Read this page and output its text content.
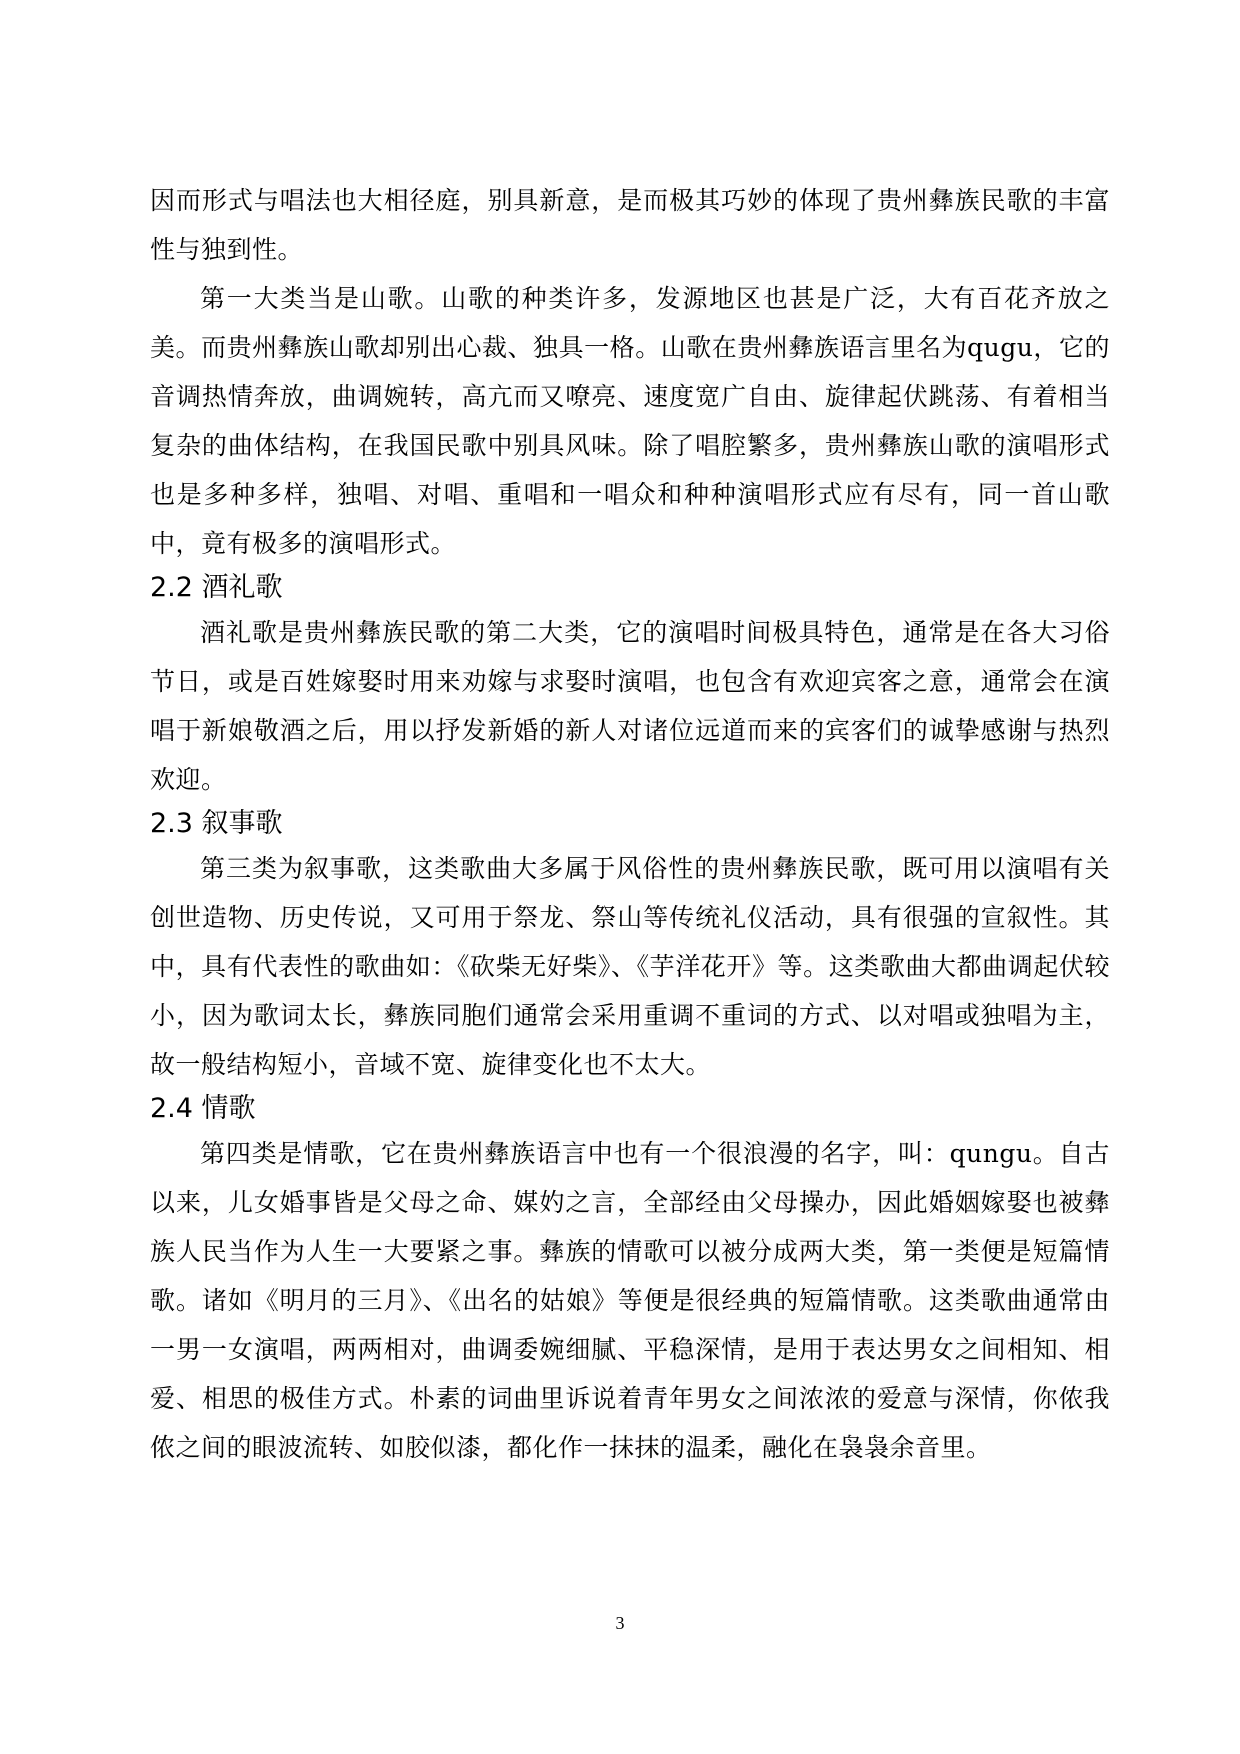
因而形式与唱法也大相径庭，别具新意，是而极其巧妙的体现了贵州彝族民歌的丰富性与独到性。

第一大类当是山歌。山歌的种类许多，发源地区也甚是广泛，大有百花齐放之美。而贵州彝族山歌却别出心裁、独具一格。山歌在贵州彝族语言里名为qugu，它的音调热情奔放，曲调婉转，高亢而又嘹亮、速度宽广自由、旋律起伏跳荡、有着相当复杂的曲体结构，在我国民歌中别具风味。除了唱腔繁多，贵州彝族山歌的演唱形式也是多种多样，独唱、对唱、重唱和一唱众和种种演唱形式应有尽有，同一首山歌中，竟有极多的演唱形式。

2.2 酒礼歌

酒礼歌是贵州彝族民歌的第二大类，它的演唱时间极具特色，通常是在各大习俗节日，或是百姓嫁娶时用来劝嫁与求娶时演唱，也包含有欢迎宾客之意，通常会在演唱于新娘敬酒之后，用以抒发新婚的新人对诸位远道而来的宾客们的诚挚感谢与热烈欢迎。

2.3 叙事歌

第三类为叙事歌，这类歌曲大多属于风俗性的贵州彝族民歌，既可用以演唱有关创世造物、历史传说，又可用于祭龙、祭山等传统礼仪活动，具有很强的宣叙性。其中，具有代表性的歌曲如：《砍柴无好柴》、《芋洋花开》等。这类歌曲大都曲调起伏较小，因为歌词太长，彝族同胞们通常会采用重调不重词的方式、以对唱或独唱为主，故一般结构短小，音域不宽、旋律变化也不太大。

2.4 情歌

第四类是情歌，它在贵州彝族语言中也有一个很浪漫的名字，叫：qungu。自古以来，儿女婚事皆是父母之命、媒妁之言，全部经由父母操办，因此婚姻嫁娶也被彝族人民当作为人生一大要紧之事。彝族的情歌可以被分成两大类，第一类便是短篇情歌。诸如《明月的三月》、《出名的姑娘》等便是很经典的短篇情歌。这类歌曲通常由一男一女演唱，两两相对，曲调委婉细腻、平稳深情，是用于表达男女之间相知、相爱、相思的极佳方式。朴素的词曲里诉说着青年男女之间浓浓的爱意与深情，你侬我侬之间的眼波流转、如胶似漆，都化作一抹抹的温柔，融化在袅袅余音里。

3
